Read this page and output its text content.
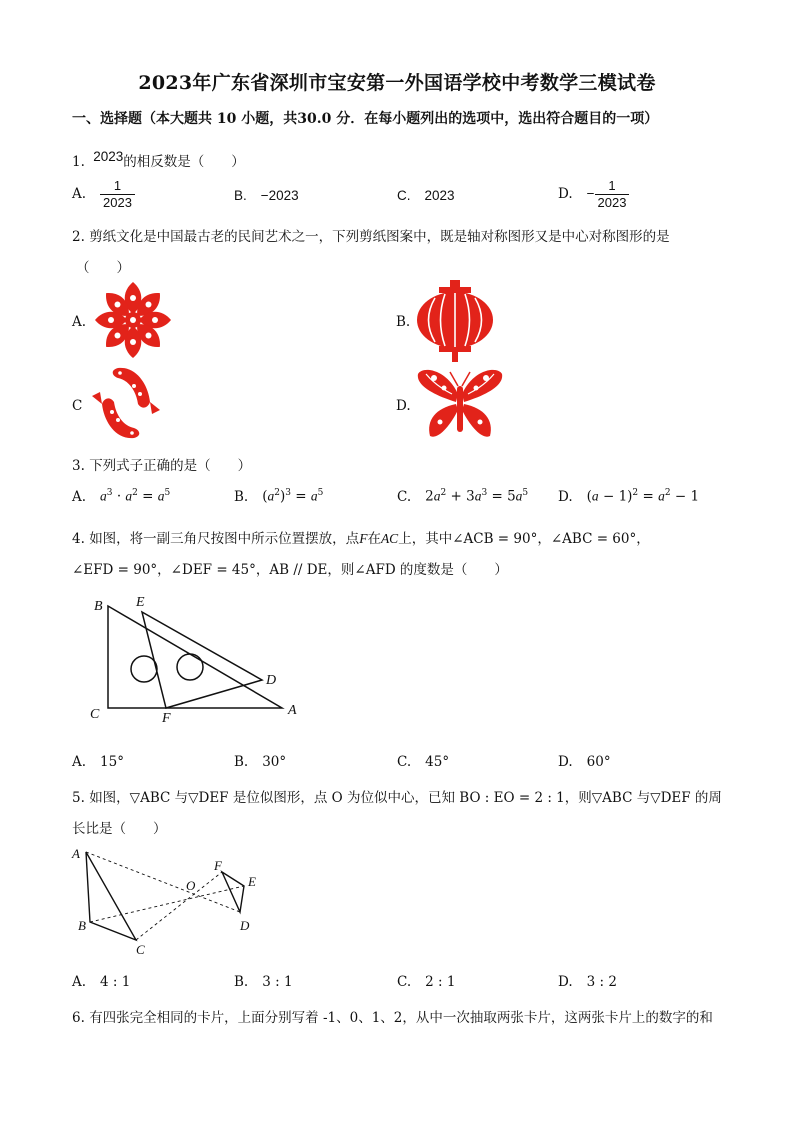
2023年广东省深圳市宝安第一外国语学校中考数学三模试卷
一、选择题（本大题共 10 小题，共30.0 分．在每小题列出的选项中，选出符合题目的一项）
1. 2023的相反数是（　　）
A. $\frac{1}{2023}$	B. −2023	C. 2023	D. − $\frac{1}{2023}$
2. 剪纸文化是中国最古老的民间艺术之一，下列剪纸图案中，既是轴对称图形又是中心对称图形的是
（　　）
A.	B.
C	D.
3. 下列式子正确的是（　　）
A. $a^3 \cdot a^2 = a^5$	B. $(a^2)^3 = a^5$	C. $2a^2 + 3a^3 = 5a^5$ D. $(a - 1)^2 = a^2 - 1$
4. 如图，将一副三角尺按图中所示位置摆放，点F在AC上，其中∠ACB = 90°，∠ABC = 60°，
∠EFD = 90°，∠DEF = 45°，AB // DE，则∠AFD 的度数是（　　）
B E
D
C	F
A
A. 15°	B. 30°	C. 45°	D. 60°
5. 如图，▽ABC 与▽DEF 是位似图形，点 O 为位似中心，已知 BO : EO = 2 : 1，则▽ABC 与▽DEF 的周
长比是（　　）
A
F
O	E
B	D
C
A. 4 : 1	B. 3 : 1	C. 2 : 1	D. 3 : 2
6. 有四张完全相同的卡片，上面分别写着 -1、0、1、2，从中一次抽取两张卡片，这两张卡片上的数字的和
